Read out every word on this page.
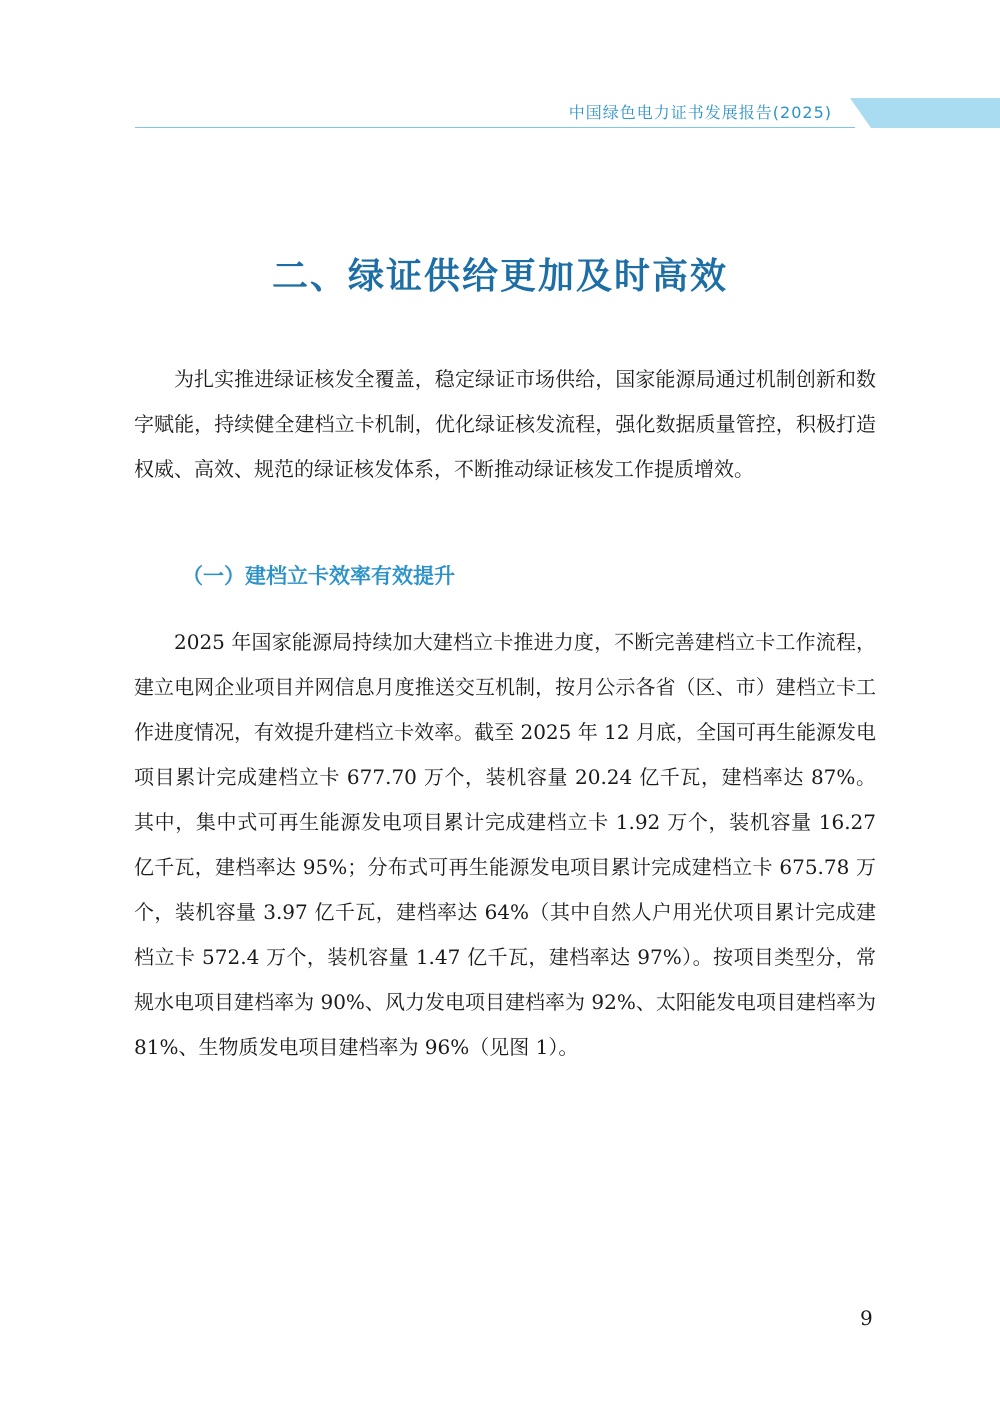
中国绿色电力证书发展报告(2025)
二、绿证供给更加及时高效

为扎实推进绿证核发全覆盖，稳定绿证市场供给，国家能源局通过机制创新和数字赋能，持续健全建档立卡机制，优化绿证核发流程，强化数据质量管控，积极打造权威、高效、规范的绿证核发体系，不断推动绿证核发工作提质增效。

（一）建档立卡效率有效提升

2025 年国家能源局持续加大建档立卡推进力度，不断完善建档立卡工作流程，建立电网企业项目并网信息月度推送交互机制，按月公示各省（区、市）建档立卡工作进度情况，有效提升建档立卡效率。截至 2025 年 12 月底，全国可再生能源发电项目累计完成建档立卡 677.70 万个，装机容量 20.24 亿千瓦，建档率达 87%。其中，集中式可再生能源发电项目累计完成建档立卡 1.92 万个，装机容量 16.27 亿千瓦，建档率达 95%；分布式可再生能源发电项目累计完成建档立卡 675.78 万个，装机容量 3.97 亿千瓦，建档率达 64%（其中自然人户用光伏项目累计完成建档立卡 572.4 万个，装机容量 1.47 亿千瓦，建档率达 97%）。按项目类型分，常规水电项目建档率为 90%、风力发电项目建档率为 92%、太阳能发电项目建档率为 81%、生物质发电项目建档率为 96%（见图 1）。

9
